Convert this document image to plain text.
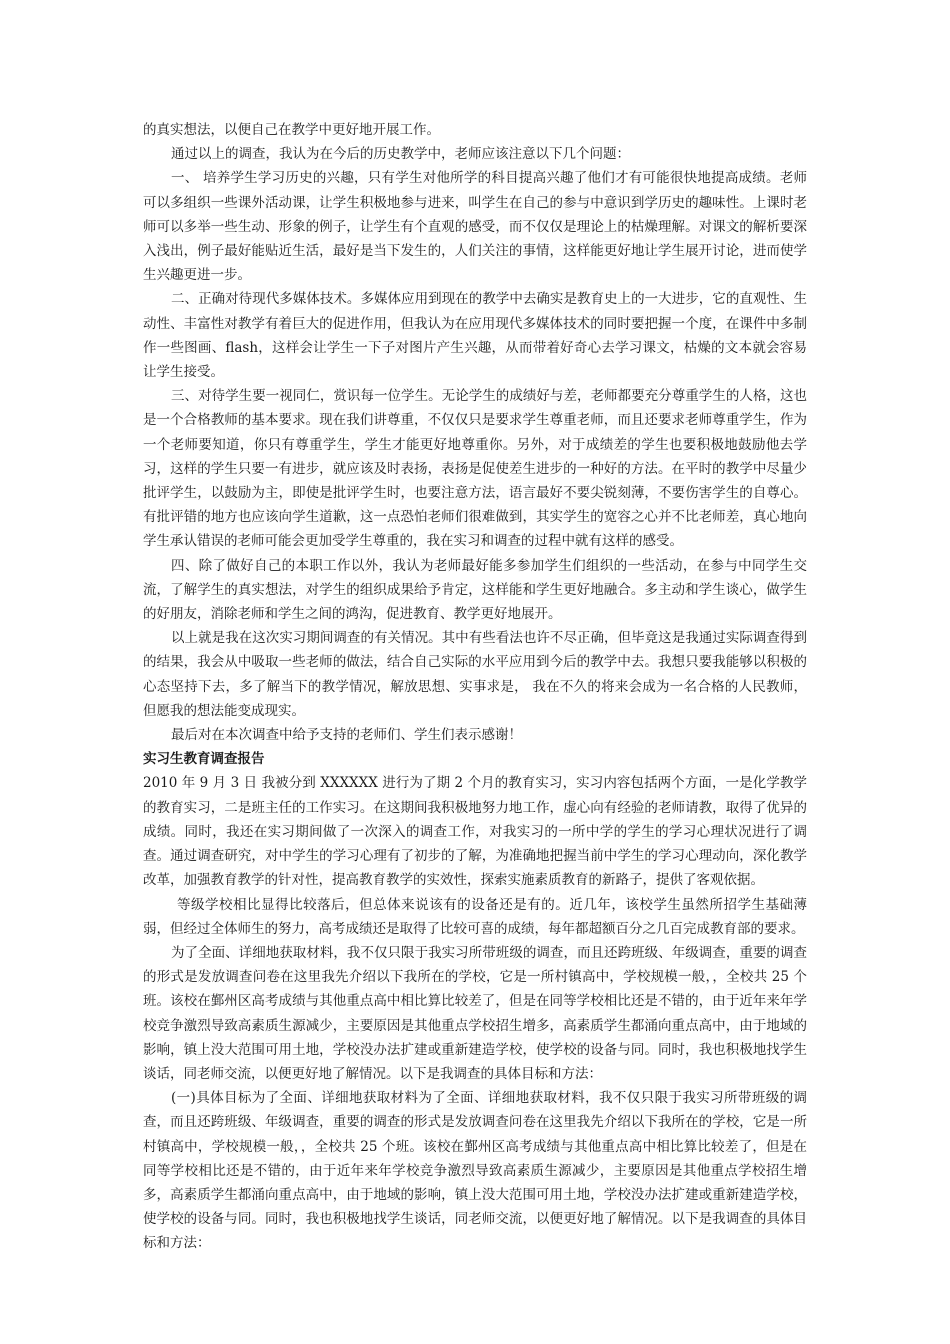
的真实想法，以便自己在教学中更好地开展工作。

通过以上的调查，我认为在今后的历史教学中，老师应该注意以下几个问题：

一、 培养学生学习历史的兴趣，只有学生对他所学的科目提高兴趣了他们才有可能很快地提高成绩。老师可以多组织一些课外活动课，让学生积极地参与进来，叫学生在自己的参与中意识到学历史的趣味性。上课时老师可以多举一些生动、形象的例子，让学生有个直观的感受，而不仅仅是理论上的枯燥理解。对课文的解析要深入浅出，例子最好能贴近生活，最好是当下发生的，人们关注的事情，这样能更好地让学生展开讨论，进而使学生兴趣更进一步。

二、正确对待现代多媒体技术。多媒体应用到现在的教学中去确实是教育史上的一大进步，它的直观性、生动性、丰富性对教学有着巨大的促进作用，但我认为在应用现代多媒体技术的同时要把握一个度，在课件中多制作一些图画、flash，这样会让学生一下子对图片产生兴趣，从而带着好奇心去学习课文，枯燥的文本就会容易让学生接受。

三、对待学生要一视同仁，赏识每一位学生。无论学生的成绩好与差，老师都要充分尊重学生的人格，这也是一个合格教师的基本要求。现在我们讲尊重，不仅仅只是要求学生尊重老师，而且还要求老师尊重学生，作为一个老师要知道，你只有尊重学生，学生才能更好地尊重你。另外，对于成绩差的学生也要积极地鼓励他去学习，这样的学生只要一有进步，就应该及时表扬，表扬是促使差生进步的一种好的方法。在平时的教学中尽量少批评学生，以鼓励为主，即使是批评学生时，也要注意方法，语言最好不要尖锐刻薄，不要伤害学生的自尊心。有批评错的地方也应该向学生道歉，这一点恐怕老师们很难做到，其实学生的宽容之心并不比老师差，真心地向学生承认错误的老师可能会更加受学生尊重的，我在实习和调查的过程中就有这样的感受。

四、除了做好自己的本职工作以外，我认为老师最好能多参加学生们组织的一些活动，在参与中同学生交流，了解学生的真实想法，对学生的组织成果给予肯定，这样能和学生更好地融合。多主动和学生谈心，做学生的好朋友，消除老师和学生之间的鸿沟，促进教育、教学更好地展开。

以上就是我在这次实习期间调查的有关情况。其中有些看法也许不尽正确，但毕竟这是我通过实际调查得到的结果，我会从中吸取一些老师的做法，结合自己实际的水平应用到今后的教学中去。我想只要我能够以积极的心态坚持下去，多了解当下的教学情况，解放思想、实事求是， 我在不久的将来会成为一名合格的人民教师，但愿我的想法能变成现实。

最后对在本次调查中给予支持的老师们、学生们表示感谢！

实习生教育调查报告

2010 年 9 月 3 日 我被分到 XXXXXX 进行为了期 2 个月的教育实习，实习内容包括两个方面，一是化学教学的教育实习，二是班主任的工作实习。在这期间我积极地努力地工作，虚心向有经验的老师请教，取得了优异的成绩。同时，我还在实习期间做了一次深入的调查工作，对我实习的一所中学的学生的学习心理状况进行了调查。通过调查研究，对中学生的学习心理有了初步的了解，为准确地把握当前中学生的学习心理动向，深化教学改革，加强教育教学的针对性，提高教育教学的实效性，探索实施素质教育的新路子，提供了客观依据。

等级学校相比显得比较落后，但总体来说该有的设备还是有的。近几年，该校学生虽然所招学生基础薄弱，但经过全体师生的努力，高考成绩还是取得了比较可喜的成绩，每年都超额百分之几百完成教育部的要求。

为了全面、详细地获取材料，我不仅只限于我实习所带班级的调查，而且还跨班级、年级调查，重要的调查的形式是发放调查问卷在这里我先介绍以下我所在的学校，它是一所村镇高中，学校规模一般，，全校共 25 个班。该校在鄞州区高考成绩与其他重点高中相比算比较差了，但是在同等学校相比还是不错的，由于近年来年学校竞争激烈导致高素质生源减少，主要原因是其他重点学校招生增多，高素质学生都涌向重点高中，由于地域的影响，镇上没大范围可用土地，学校没办法扩建或重新建造学校，使学校的设备与同。同时，我也积极地找学生谈话，同老师交流，以便更好地了解情况。以下是我调查的具体目标和方法：

(一)具体目标为了全面、详细地获取材料为了全面、详细地获取材料，我不仅只限于我实习所带班级的调查，而且还跨班级、年级调查，重要的调查的形式是发放调查问卷在这里我先介绍以下我所在的学校，它是一所村镇高中，学校规模一般，，全校共 25 个班。该校在鄞州区高考成绩与其他重点高中相比算比较差了，但是在同等学校相比还是不错的，由于近年来年学校竞争激烈导致高素质生源减少，主要原因是其他重点学校招生增多，高素质学生都涌向重点高中，由于地域的影响，镇上没大范围可用土地，学校没办法扩建或重新建造学校，使学校的设备与同。同时，我也积极地找学生谈话，同老师交流，以便更好地了解情况。以下是我调查的具体目标和方法：
